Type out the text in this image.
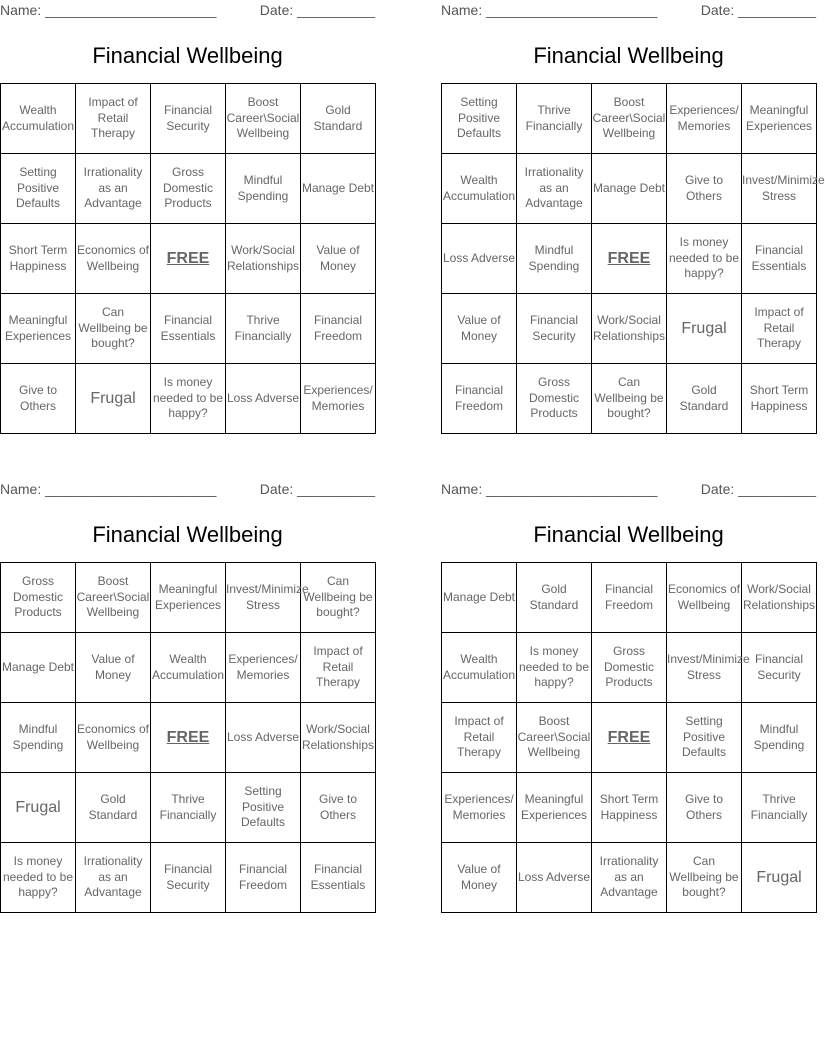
Name: ______________________	Date: __________
Financial Wellbeing
Wealth Accumulation	Impact of Retail Therapy	Financial Security	Boost Career\Social Wellbeing	Gold Standard
Setting Positive Defaults	Irrationality as an Advantage	Gross Domestic Products	Mindful Spending	Manage Debt
Short Term Happiness	Economics of Wellbeing	FREE	Work/Social Relationships	Value of Money
Meaningful Experiences	Can Wellbeing be bought?	Financial Essentials	Thrive Financially	Financial Freedom
Give to Others	Frugal	Is money needed to be happy?	Loss Adverse	Experiences/ Memories
Name: ______________________	Date: __________
Financial Wellbeing
Setting Positive Defaults	Thrive Financially	Boost Career\Social Wellbeing	Experiences/ Memories	Meaningful Experiences
Wealth Accumulation	Irrationality as an Advantage	Manage Debt	Give to Others	Invest/Minimize Stress
Loss Adverse	Mindful Spending	FREE	Is money needed to be happy?	Financial Essentials
Value of Money	Financial Security	Work/Social Relationships	Frugal	Impact of Retail Therapy
Financial Freedom	Gross Domestic Products	Can Wellbeing be bought?	Gold Standard	Short Term Happiness
Name: ______________________	Date: __________
Financial Wellbeing
Gross Domestic Products	Boost Career\Social Wellbeing	Meaningful Experiences	Invest/Minimize Stress	Can Wellbeing be bought?
Manage Debt	Value of Money	Wealth Accumulation	Experiences/ Memories	Impact of Retail Therapy
Mindful Spending	Economics of Wellbeing	FREE	Loss Adverse	Work/Social Relationships
Frugal	Gold Standard	Thrive Financially	Setting Positive Defaults	Give to Others
Is money needed to be happy?	Irrationality as an Advantage	Financial Security	Financial Freedom	Financial Essentials
Name: ______________________	Date: __________
Financial Wellbeing
Manage Debt	Gold Standard	Financial Freedom	Economics of Wellbeing	Work/Social Relationships
Wealth Accumulation	Is money needed to be happy?	Gross Domestic Products	Invest/Minimize Stress	Financial Security
Impact of Retail Therapy	Boost Career\Social Wellbeing	FREE	Setting Positive Defaults	Mindful Spending
Experiences/ Memories	Meaningful Experiences	Short Term Happiness	Give to Others	Thrive Financially
Value of Money	Loss Adverse	Irrationality as an Advantage	Can Wellbeing be bought?	Frugal
